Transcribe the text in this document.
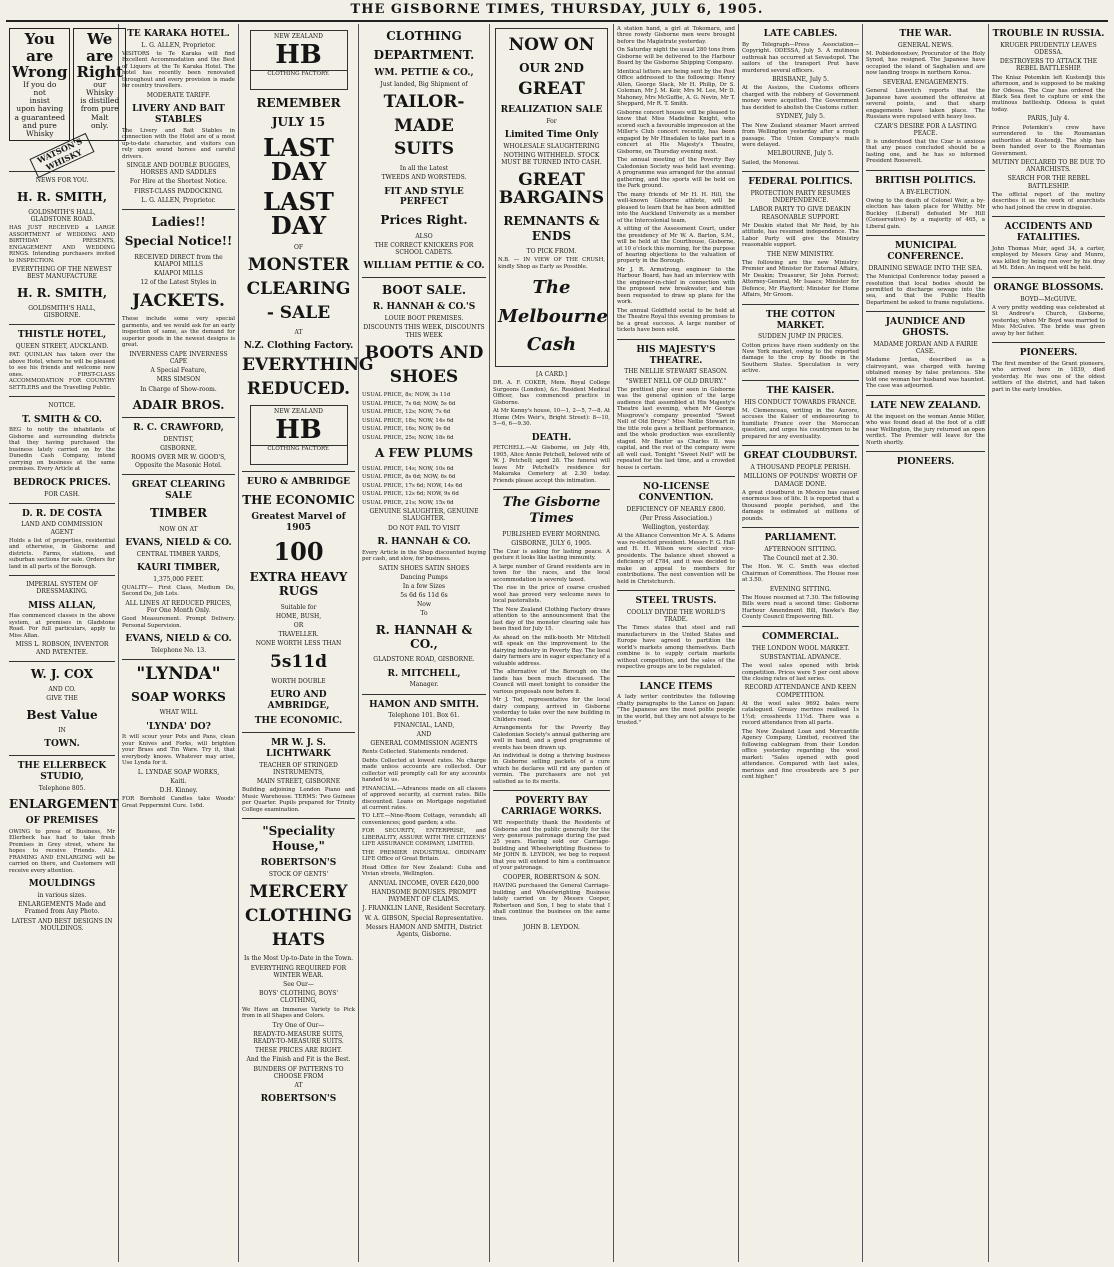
THE GISBORNE TIMES, THURSDAY, JULY 6, 1905.
You are
Wrong
If you do
not
insist
upon having
a guaranteed
and pure Whisky
We are
Right
our
Whisky
is distilled
from pure Malt
only.
WATSON'S WHISKY
NEWS FOR YOU.
H. R. SMITH,
GOLDSMITH'S HALL, GLADSTONE ROAD.
HAS JUST RECEIVED a LARGE ASSORTMENT of WEDDING AND BIRTHDAY PRESENTS, ENGAGEMENT AND WEDDING RINGS. Intending purchasers invited to INSPECTION.
EVERYTHING OF THE NEWEST BEST MANUFACTURE
H. R. SMITH,
GOLDSMITH'S HALL, GISBORNE.
THISTLE HOTEL,
QUEEN STREET, AUCKLAND.
PAT. QUINLAN has taken over the above Hotel, where he will be pleased to see his friends and welcome new ones. FIRST-CLASS ACCOMMODATION FOR COUNTRY SETTLERS and the Travelling Public.
NOTICE.
T. SMITH & CO.
BEG to notify the inhabitants of Gisborne and surrounding districts that they having purchased the business lately carried on by the Dunedin Cash Company, intend carrying on business at the same premises. Every Article at
BEDROCK PRICES.
FOR CASH.
D. R. DE COSTA
LAND AND COMMISSION AGENT
Holds a list of properties, residential and otherwise, in Gisborne and districts. Farms, stations, and suburban sections for sale. Orders for land in all parts of the Borough.
IMPERIAL SYSTEM OF DRESSMAKING.
MISS ALLAN,
Has commenced classes in the above system, at premises in Gladstone Road. For full particulars, apply to Miss Allan.
MISS L. ROBSON, INVENTOR AND PATENTEE.
W. J. COX
AND CO.
GIVE THE
Best Value
IN
TOWN.
THE ELLERBECK STUDIO,
Telephone 805.
ENLARGEMENT
OF PREMISES
OWING to press of Business, Mr Ellerbeck has had to take fresh Premises in Grey street, where he hopes to receive Friends. ALL FRAMING AND ENLARGING will be carried on there, and Customers will receive every attention.
MOULDINGS
in various sizes.
ENLARGEMENTS Made and Framed from Any Photo.
LATEST AND BEST DESIGNS IN MOULDINGS.
TE KARAKA HOTEL.
L. G. ALLEN, Proprietor.
VISITORS to Te Karaka will find Excellent Accommodation and the Best of Liquors at the Te Karaka Hotel. The hotel has recently been renovated throughout and every provision is made for country travellers.
MODERATE TARIFF.
LIVERY AND BAIT STABLES
The Livery and Bait Stables in connection with the Hotel are of a most up-to-date character, and visitors can rely upon sound horses and careful drivers.
SINGLE AND DOUBLE BUGGIES, HORSES AND SADDLES
For Hire at the Shortest Notice.
FIRST-CLASS PADDOCKING.
L. G. ALLEN, Proprietor.
Ladies!!
Special Notice!!
RECEIVED DIRECT from the KAIAPOI MILLS
KAIAPOI MILLS
12 of the Latest Styles in
JACKETS.
These include some very special garments, and we would ask for an early inspection of same, as the demand for superior goods in the newest designs is great.
INVERNESS CAPE INVERNESS CAPE
A Special Feature,
MRS SIMSON
In Charge of Show-room.
ADAIR BROS.
R. C. CRAWFORD,
DENTIST,
GISBORNE.
ROOMS OVER MR W. GOOD'S, Opposite the Masonic Hotel.
GREAT CLEARING SALE
TIMBER
NOW ON AT
EVANS, NIELD & CO.
CENTRAL TIMBER YARDS,
KAURI TIMBER,
1,375,000 FEET.
QUALITY— First Class, Medium Do, Second Do, Job Lots.
ALL LINES AT REDUCED PRICES, For One Month Only.
Good Measurement. Prompt Delivery. Personal Supervision.
EVANS, NIELD & CO.
Telephone No. 13.
"LYNDA"
SOAP WORKS
WHAT WILL
'LYNDA' DO?
It will scour your Pots and Pans, clean your Knives and Forks, will brighten your Brass and Tin Ware. Try it, that everybody knows. Whatever may arise, Use Lynda for it.
L. LYNDAE SOAP WORKS,
Kaiti.
D.H. Kinney.
FOR Bornhold Candles take Woods' Great Peppermint Cure. 1s6d.
NEW ZEALAND
HB
CLOTHING FACTORY.
REMEMBER
JULY 15
LAST DAY
LAST DAY
OF
MONSTER
CLEARING
- SALE
AT
N.Z. Clothing Factory.
EVERYTHING
REDUCED.
NEW ZEALAND
HB
CLOTHING FACTORY.
EURO & AMBRIDGE
THE ECONOMIC
Greatest Marvel of 1905
100
EXTRA HEAVY RUGS
Suitable for
HOME, BUSH,
OR
TRAVELLER.
NONE WORTH LESS THAN
5s11d
WORTH DOUBLE
EURO AND AMBRIDGE,
THE ECONOMIC.
MR W. J. S. LICHTWARK
TEACHER OF STRINGED INSTRUMENTS,
MAIN STREET, GISBORNE
Building adjoining London Piano and Music Warehouse. TERMS: Two Guineas per Quarter. Pupils prepared for Trinity College examination.
"Speciality House,"
ROBERTSON'S
STOCK OF GENTS'
MERCERY
CLOTHING
HATS
Is the Most Up-to-Date in the Town.
EVERYTHING REQUIRED FOR WINTER WEAR.
See Our—
BOYS' CLOTHING, BOYS' CLOTHING,
We Have an Immense Variety to Pick from in all Shapes and Colors.
Try One of Our—
READY-TO-MEASURE SUITS, READY-TO-MEASURE SUITS.
THESE PRICES ARE RIGHT.
And the Finish and Fit is the Best.
BUNDERS OF PATTERNS TO CHOOSE FROM
AT
ROBERTSON'S
CLOTHING
DEPARTMENT.
WM. PETTIE & CO.,
Just landed, Big Shipment of
TAILOR-
MADE
SUITS
In all the Latest
TWEEDS AND WORSTEDS.
FIT AND STYLE PERFECT
Prices Right.
ALSO
THE CORRECT KNICKERS FOR SCHOOL CADETS.
WILLIAM PETTIE & CO.
BOOT SALE.
R. HANNAH & CO.'S
LOUIE BOOT PREMISES.
DISCOUNTS THIS WEEK, DISCOUNTS THIS WEEK
BOOTS AND
SHOES
USUAL PRICE, 8s; NOW, 3s 11d
USUAL PRICE, 7s 6d; NOW, 5s 6d
USUAL PRICE, 12s; NOW, 7s 6d
USUAL PRICE, 18s; NOW, 14s 6d
USUAL PRICE, 16s; NOW, 9s 6d
USUAL PRICE, 25s; NOW, 18s 6d
A FEW PLUMS
USUAL PRICE, 14s; NOW, 10s 6d
USUAL PRICE, 8s 6d; NOW, 6s 6d
USUAL PRICE, 17s 6d; NOW, 14s 6d
USUAL PRICE, 12s 6d; NOW, 9s 6d
USUAL PRICE, 21s; NOW, 15s 6d
GENUINE SLAUGHTER, GENUINE SLAUGHTER.
DO NOT FAIL TO VISIT
R. HANNAH & CO.
Every Article in the Shop discounted buying per cash, and slow, for business.
SATIN SHOES SATIN SHOES
Dancing Pumps
In a few Sizes
5s 6d 6s 11d 6s
Now
To
R. HANNAH & CO.,
GLADSTONE ROAD, GISBORNE.
R. MITCHELL,
Manager.
HAMON AND SMITH.
Telephone 101. Box 61.
FINANCIAL, LAND,
AND
GENERAL COMMISSION AGENTS
Rents Collected. Statements rendered.
Debts Collected at lowest rates. No charge made unless accounts are collected. Our collector will promptly call for any accounts handed to us.
FINANCIAL.—Advances made on all classes of approved security, at current rates. Bills discounted. Loans on Mortgage negotiated at current rates.
TO LET.—Nine-Room Cottage, verandah; all conveniences; good garden; a site.
FOR SECURITY, ENTERPRISE, and LIBERALITY, ASSURE WITH THE CITIZENS' LIFE ASSURANCE COMPANY, LIMITED.
THE PREMIER INDUSTRIAL ORDINARY LIFE Office of Great Britain.
Head Office for New Zealand: Cuba and Vivian streets, Wellington.
ANNUAL INCOME, OVER £420,000
HANDSOME BONUSES. PROMPT PAYMENT OF CLAIMS.
J. FRANKLIN LANE, Resident Secretary.
W. A. GIBSON, Special Representative.
Messrs HAMON AND SMITH, District Agents, Gisborne.
NOW ON
OUR 2ND
GREAT
REALIZATION SALE
For
Limited Time Only
WHOLESALE SLAUGHTERING
NOTHING WITHHELD. STOCK MUST BE TURNED INTO CASH.
GREAT BARGAINS
REMNANTS & ENDS
TO PICK FROM.
N.B. — IN VIEW OF THE CRUSH, kindly Shop as Early as Possible.
The
Melbourne
Cash
[A CARD.]
DR. A. F. COKER, Mem. Royal College Surgeons (London), &c. Resident Medical Officer, has commenced practice in Gisborne.
At Mr Kenny's house, 10—1, 2—5, 7—8. At Home (Mrs Weir's, Bright Street): 8—10, 5—6, 6—9.30.
DEATH.
PETCHELL.—At Gisborne, on July 4th, 1905, Alice Annie Petchell, beloved wife of W. J. Petchell; aged 28. The funeral will leave Mr Petchell's residence for Makaraka Cemetery at 2.30 today. Friends please accept this intimation.
The Gisborne Times
PUBLISHED EVERY MORNING.
GISBORNE, JULY 6, 1905.
The Czar is asking for lasting peace. A gesture it looks like lasting immunity.
A large number of Grand residents are in town for the races, and the local accommodation is severely taxed.
The rise in the price of coarse crushed wool has proved very welcome news to local pastoralists.
The New Zealand Clothing Factory draws attention to the announcement that the last day of the monster clearing sale has been fixed for July 15.
As ahead on the milk-booth Mr Mitchell will speak on the improvement to the dairying industry in Poverty Bay. The local dairy farmers are in eager expectancy of a valuable address.
The alternative of the Borough on the lands has been much discussed. The Council will meet tonight to consider the various proposals now before it.
Mr J. Tod, representative for the local dairy company, arrived in Gisborne yesterday to take over the new building in Childers road.
Arrangements for the Poverty Bay Caledonian Society's annual gathering are well in hand, and a good programme of events has been drawn up.
An individual is doing a thriving business in Gisborne selling packets of a cure which he declares will rid any garden of vermin. The purchasers are not yet satisfied as to its merits.
POVERTY BAY CARRIAGE WORKS.
WE respectfully thank the Residents of Gisborne and the public generally for the very generous patronage during the past 25 years. Having sold our Carriage-building and Wheelwrighting Business to Mr JOHN B. LEYDON, we beg to request that you will extend to him a continuance of your patronage.
COOPER, ROBERTSON & SON.
HAVING purchased the General Carriage-building and Wheelwrighting Business lately carried on by Messrs Cooper, Robertson and Son, I beg to state that I shall continue the business on the same lines.
JOHN B. LEYDON.
A station hand, a girl at Tokomaru, and three rowdy Gisborne men were brought before the Magistrate yesterday.
On Saturday night the usual 280 tons from Gisborne will be delivered to the Harbour Board by the Gisborne Shipping Company.
Identical letters are being sent by the Post Office addressed to the following: Henry Allen, George Slack, Mr H. Philip, Dr S. Coleman, Mr J. M. Keir, Mrs M. Lee, Mr D. Mahoney, Mrs McGuffie, A. G. Nevin, Mr T. Sheppard, Mr R. T. Smith.
Gisborne concert houses will be pleased to know that Miss Madeline Knight, who scored such a favourable impression at the Miller's Club concert recently, has been engaged by Mr Hinsdalen to take part in a concert at His Majesty's Theatre, Gisborne, on Thursday evening next.
The annual meeting of the Poverty Bay Caledonian Society was held last evening. A programme was arranged for the annual gathering, and the sports will be held on the Park ground.
The many friends of Mr H. H. Hill, the well-known Gisborne athlete, will be pleased to learn that he has been admitted into the Auckland University as a member of the Intercolonial team.
A sitting of the Assessment Court, under the presidency of Mr W. A. Barton, S.M., will be held at the Courthouse, Gisborne, at 10 o'clock this morning, for the purpose of hearing objections to the valuation of property in the Borough.
Mr J. R. Armstrong, engineer to the Harbour Board, has had an interview with the engineer-in-chief in connection with the proposed new breakwater, and has been requested to draw up plans for the work.
The annual Goldfield social to be held at the Theatre Royal this evening promises to be a great success. A large number of tickets have been sold.
HIS MAJESTY'S THEATRE.
THE NELLIE STEWART SEASON.
"SWEET NELL OF OLD DRURY."
The prettiest play ever seen in Gisborne was the general opinion of the large audience that assembled at His Majesty's Theatre last evening, when Mr George Musgrove's company presented "Sweet Nell of Old Drury." Miss Nellie Stewart in the title role gave a brilliant performance, and the whole production was excellently staged. Mr Baxter as Charles II. was capital, and the rest of the company were all well cast. Tonight "Sweet Nell" will be repeated for the last time, and a crowded house is certain.
NO-LICENSE CONVENTION.
DEFICIENCY OF NEARLY £800.
(Per Press Association.)
Wellington, yesterday.
At the Alliance Convention Mr A. S. Adams was re-elected president. Messrs F. G. Hall and H. H. Wilson were elected vice-presidents. The balance sheet showed a deficiency of £784, and it was decided to make an appeal to members for contributions. The next convention will be held in Christchurch.
STEEL TRUSTS.
COOLLY DIVIDE THE WORLD'S TRADE.
The Times states that steel and rail manufacturers in the United States and Europe have agreed to partition the world's markets among themselves. Each combine is to supply certain markets without competition, and the sales of the respective groups are to be regulated.
LANCE ITEMS
A lady writer contributes the following chatty paragraphs to the Lance on Japan: "The Japanese are the most polite people in the world, but they are not always to be trusted."
LATE CABLES.
By Telegraph—Press Association—Copyright. ODESSA, July 5. A mutinous outbreak has occurred at Sevastopol. The sailors of the transport Prut have murdered several officers.
BRISBANE, July 5.
At the Assizes, the Customs officers charged with the robbery of Government money were acquitted. The Government has decided to abolish the Customs cutter.
SYDNEY, July 5.
The New Zealand steamer Maori arrived from Wellington yesterday after a rough passage. The Union Company's mails were delayed.
MELBOURNE, July 5.
Sailed, the Monowai.
FEDERAL POLITICS.
PROTECTION PARTY RESUMES INDEPENDENCE.
LABOR PARTY TO GIVE DEAKIN REASONABLE SUPPORT.
Mr Deakin stated that Mr Reid, by his attitude, has resumed independence. The Labor Party will give the Ministry reasonable support.
THE NEW MINISTRY.
The following are the new Ministry: Premier and Minister for External Affairs, Mr Deakin; Treasurer, Sir John Forrest; Attorney-General, Mr Isaacs; Minister for Defence, Mr Playford; Minister for Home Affairs, Mr Groom.
THE COTTON MARKET.
SUDDEN JUMP IN PRICES.
Cotton prices have risen suddenly on the New York market, owing to the reported damage to the crop by floods in the Southern States. Speculation is very active.
THE KAISER.
HIS CONDUCT TOWARDS FRANCE.
M. Clemenceau, writing in the Aurore, accuses the Kaiser of endeavouring to humiliate France over the Moroccan question, and urges his countrymen to be prepared for any eventuality.
GREAT CLOUDBURST.
A THOUSAND PEOPLE PERISH.
MILLIONS OF POUNDS' WORTH OF DAMAGE DONE.
A great cloudburst in Mexico has caused enormous loss of life. It is reported that a thousand people perished, and the damage is estimated at millions of pounds.
PARLIAMENT.
AFTERNOON SITTING.
The Council met at 2.30.
The Hon. W. C. Smith was elected Chairman of Committees. The House rose at 3.50.
EVENING SITTING.
The House resumed at 7.30. The following Bills were read a second time: Gisborne Harbour Amendment Bill, Hawke's Bay County Council Empowering Bill.
COMMERCIAL.
THE LONDON WOOL MARKET.
SUBSTANTIAL ADVANCE.
The wool sales opened with brisk competition. Prices were 5 per cent above the closing rates of last series.
RECORD ATTENDANCE AND KEEN COMPETITION.
At the wool sales 9692 bales were catalogued. Greasy merinos realised 1s 1½d; crossbreds 11½d. There was a record attendance from all parts.
The New Zealand Loan and Mercantile Agency Company, Limited, received the following cablegram from their London office yesterday regarding the wool market: "Sales opened with good attendance. Compared with last sales, merinos and fine crossbreds are 5 per cent higher."
THE WAR.
GENERAL NEWS.
M. Pobiedonostsev, Procurator of the Holy Synod, has resigned. The Japanese have occupied the island of Saghalien and are now landing troops in northern Korea.
SEVERAL ENGAGEMENTS.
General Linevitch reports that the Japanese have assumed the offensive at several points, and that sharp engagements have taken place. The Russians were repulsed with heavy loss.
CZAR'S DESIRE FOR A LASTING PEACE.
It is understood that the Czar is anxious that any peace concluded should be a lasting one, and he has so informed President Roosevelt.
BRITISH POLITICS.
A BY-ELECTION.
Owing to the death of Colonel Weir, a by-election has taken place for Whitby. Mr Buckley (Liberal) defeated Mr Hill (Conservative) by a majority of 465, a Liberal gain.
MUNICIPAL CONFERENCE.
DRAINING SEWAGE INTO THE SEA.
The Municipal Conference today passed a resolution that local bodies should be permitted to discharge sewage into the sea, and that the Public Health Department be asked to frame regulations.
JAUNDICE AND GHOSTS.
MADAME JORDAN AND A FAIRIE CASE.
Madame Jordan, described as a clairvoyant, was charged with having obtained money by false pretences. She told one woman her husband was haunted. The case was adjourned.
LATE NEW ZEALAND.
At the inquest on the woman Annie Miller, who was found dead at the foot of a cliff near Wellington, the jury returned an open verdict. The Premier will leave for the North shortly.
PIONEERS.
TROUBLE IN RUSSIA.
KRUGER PRUDENTLY LEAVES ODESSA.
DESTROYERS TO ATTACK THE REBEL BATTLESHIP.
The Kniaz Potemkin left Kustendji this afternoon, and is supposed to be making for Odessa. The Czar has ordered the Black Sea fleet to capture or sink the mutinous battleship. Odessa is quiet today.
PARIS, July 4.
Prince Potemkin's crew have surrendered to the Roumanian authorities at Kustendji. The ship has been handed over to the Roumanian Government.
MUTINY DECLARED TO BE DUE TO ANARCHISTS.
SEARCH FOR THE REBEL BATTLESHIP.
The official report of the mutiny describes it as the work of anarchists who had joined the crew in disguise.
ACCIDENTS AND FATALITIES.
John Thomas Muir, aged 34, a carter, employed by Messrs Gray and Munro, was killed by being run over by his dray at Mt. Eden. An inquest will be held.
ORANGE BLOSSOMS.
BOYD—McGUIVE.
A very pretty wedding was celebrated at St Andrew's Church, Gisborne, yesterday, when Mr Boyd was married to Miss McGuive. The bride was given away by her father.
PIONEERS.
The first member of the Grant pioneers, who arrived here in 1839, died yesterday. He was one of the oldest settlers of the district, and had taken part in the early troubles.
